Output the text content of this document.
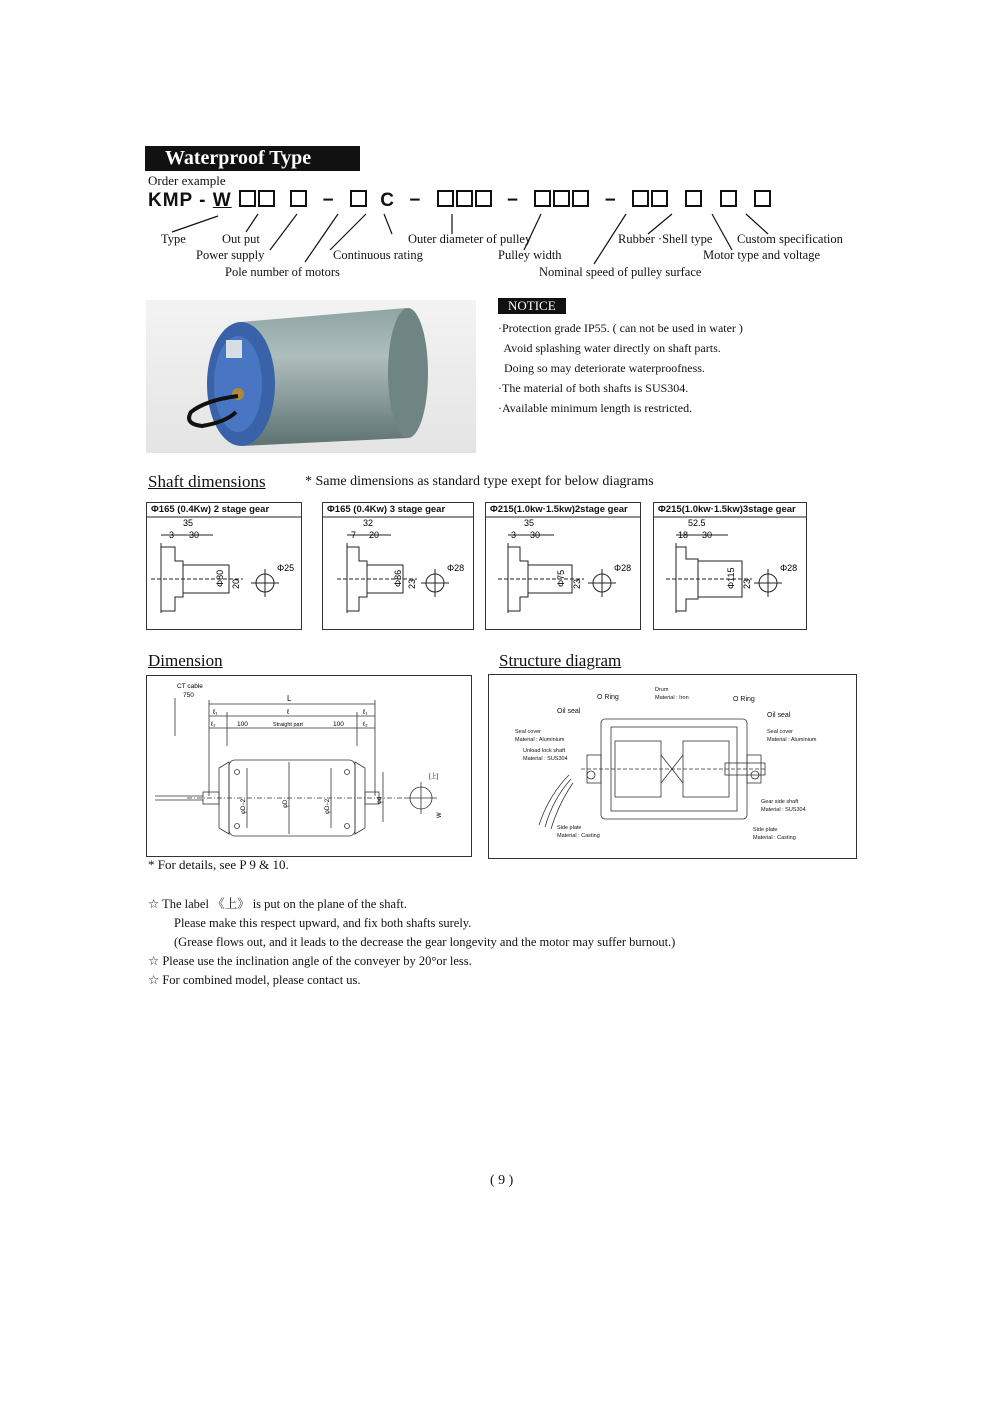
Waterproof Type
Order example
KMP - W	− C −	−	−
Type	Out put
Power supply
Pole number of motors
Continuous rating
Outer diameter of pulley
Pulley width
Nominal speed of pulley surface
Rubber ·Shell type Custom specification
Motor type and voltage
NOTICE
·Protection grade IP55. ( can not be used in water )
Avoid splashing water directly on shaft parts.
Doing so may deteriorate waterproofness.
·The material of both shafts is SUS304.
·Available minimum length is restricted.
Shaft dimensions	* Same dimensions as standard type exept for below diagrams
Φ165 (0.4Kw) 2 stage gear
35
3 30
Φ80 20
Φ25
Φ165 (0.4Kw) 3 stage gear
32
7 20
Φ86 23
Φ28
Φ215(1.0kw·1.5kw)2stage gear
35
3 30
Φ75 23
Φ28
Φ215(1.0kw·1.5kw)3stage gear
52.5
18 30
Φ115 23
Φ28
Dimension
CT cable
750	L
ℓ₁	ℓ	ℓ₁
ℓ₂	100	Straight part	100	ℓ₂
φD−2	φD	φD−2	φd
[上]
W
* For details, see P 9 & 10.
Structure diagram
Drum
Material : Iron
O Ring	O Ring
Oil seal
Oil seal
Seal cover
Material : Aluminium
Seal cover
Material : Aluminium
Unload lock shaft
Material : SUS304
Gear side shaft
Material : SUS304
Side plate
Material : Casting
Side plate
Material : Casting
☆ The label 《上》 is put on the plane of the shaft.
Please make this respect upward, and fix both shafts surely.
(Grease flows out, and it leads to the decrease the gear longevity and the motor may suffer burnout.)
☆ Please use the inclination angle of the conveyer by 20°or less.
☆ For combined model, please contact us.
( 9 )
